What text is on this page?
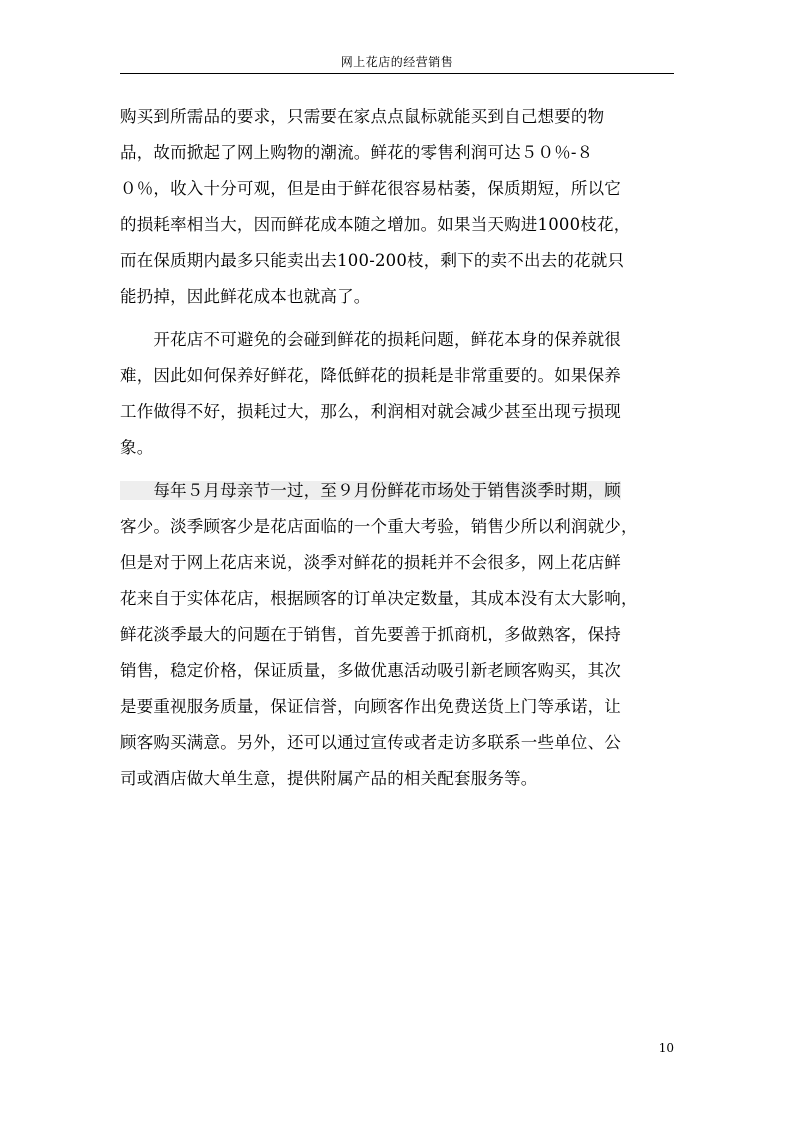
网上花店的经营销售
购买到所需品的要求，只需要在家点点鼠标就能买到自己想要的物
品，故而掀起了网上购物的潮流。鲜花的零售利润可达５０％-８
０％，收入十分可观，但是由于鲜花很容易枯萎，保质期短，所以它
的损耗率相当大，因而鲜花成本随之增加。如果当天购进1000枝花，
而在保质期内最多只能卖出去100-200枝，剩下的卖不出去的花就只
能扔掉，因此鲜花成本也就高了。
　　开花店不可避免的会碰到鲜花的损耗问题，鲜花本身的保养就很
难，因此如何保养好鲜花，降低鲜花的损耗是非常重要的。如果保养
工作做得不好，损耗过大，那么，利润相对就会减少甚至出现亏损现
象。
　　每年５月母亲节一过，至９月份鲜花市场处于销售淡季时期，顾
客少。淡季顾客少是花店面临的一个重大考验，销售少所以利润就少，
但是对于网上花店来说，淡季对鲜花的损耗并不会很多，网上花店鲜
花来自于实体花店，根据顾客的订单决定数量，其成本没有太大影响，
鲜花淡季最大的问题在于销售，首先要善于抓商机，多做熟客，保持
销售，稳定价格，保证质量，多做优惠活动吸引新老顾客购买，其次
是要重视服务质量，保证信誉，向顾客作出免费送货上门等承诺，让
顾客购买满意。另外，还可以通过宣传或者走访多联系一些单位、公
司或酒店做大单生意，提供附属产品的相关配套服务等。
10
